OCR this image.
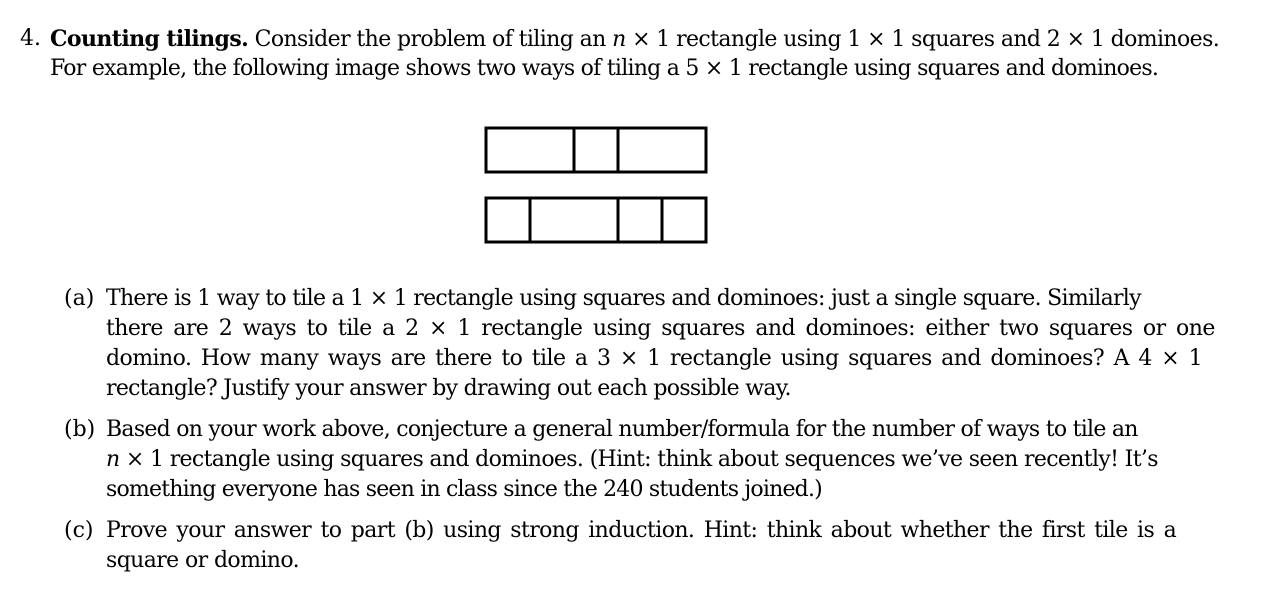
4. Counting tilings. Consider the problem of tiling an n × 1 rectangle using 1 × 1 squares and 2 × 1 dominoes.
For example, the following image shows two ways of tiling a 5 × 1 rectangle using squares and dominoes.
(a) There is 1 way to tile a 1 × 1 rectangle using squares and dominoes: just a single square. Similarly
there are 2 ways to tile a 2 × 1 rectangle using squares and dominoes: either two squares or one
domino. How many ways are there to tile a 3 × 1 rectangle using squares and dominoes? A 4 × 1
rectangle? Justify your answer by drawing out each possible way.
(b) Based on your work above, conjecture a general number/formula for the number of ways to tile an
n × 1 rectangle using squares and dominoes. (Hint: think about sequences we’ve seen recently! It’s
something everyone has seen in class since the 240 students joined.)
(c) Prove your answer to part (b) using strong induction. Hint: think about whether the first tile is a
square or domino.
